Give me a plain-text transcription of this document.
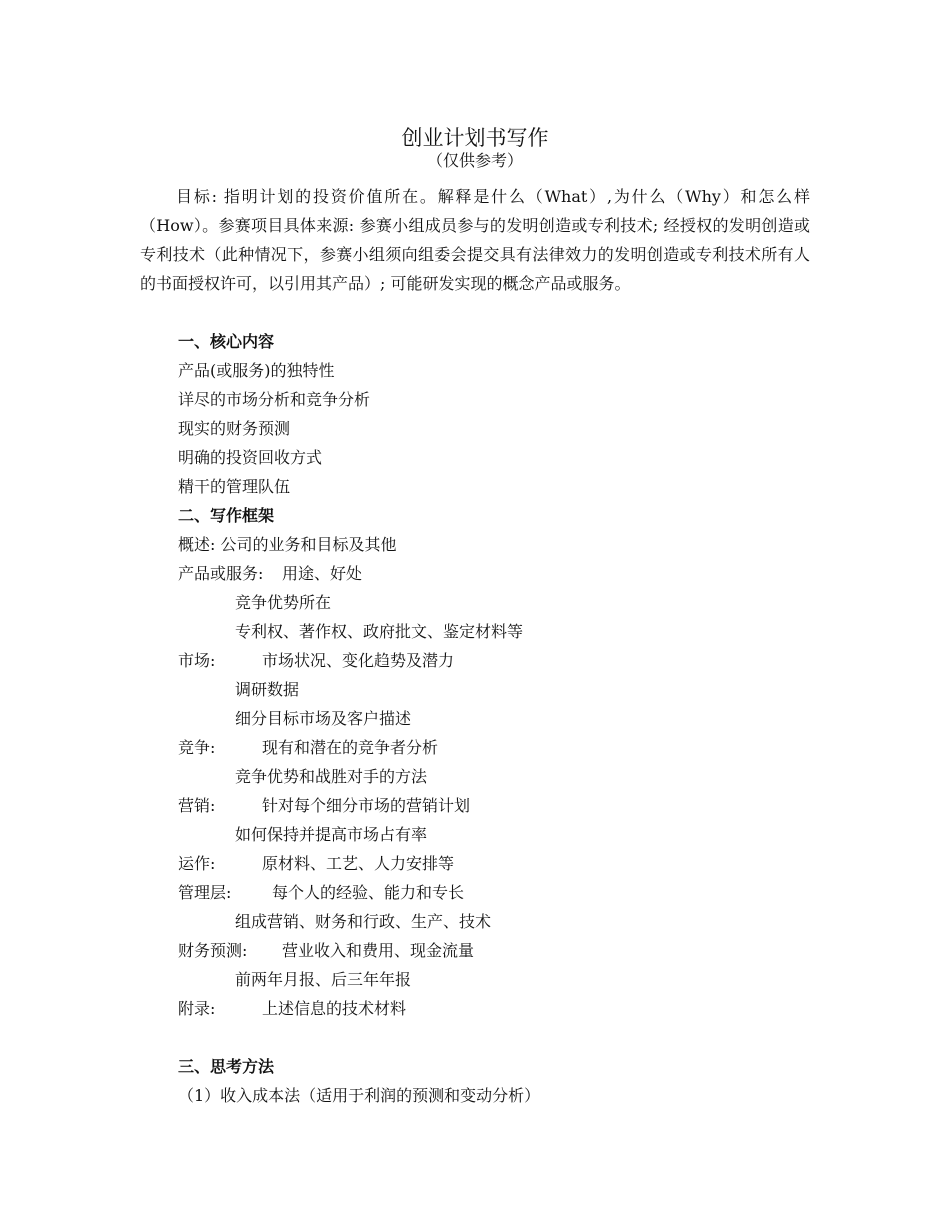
创业计划书写作
（仅供参考）
目标: 指明计划的投资价值所在。解释是什么（What）,为什么（Why）和怎么样（How）。参赛项目具体来源: 参赛小组成员参与的发明创造或专利技术; 经授权的发明创造或专利技术（此种情况下，参赛小组须向组委会提交具有法律效力的发明创造或专利技术所有人的书面授权许可，以引用其产品）; 可能研发实现的概念产品或服务。
一、核心内容
产品(或服务)的独特性
详尽的市场分析和竞争分析
现实的财务预测
明确的投资回收方式
精干的管理队伍
二、写作框架
概述: 公司的业务和目标及其他
产品或服务: 用途、好处
竞争优势所在
专利权、著作权、政府批文、鉴定材料等
市场:	市场状况、变化趋势及潜力
调研数据
细分目标市场及客户描述
竞争:	现有和潜在的竞争者分析
竞争优势和战胜对手的方法
营销:	针对每个细分市场的营销计划
如何保持并提高市场占有率
运作:	原材料、工艺、人力安排等
管理层:	每个人的经验、能力和专长
组成营销、财务和行政、生产、技术
财务预测: 营业收入和费用、现金流量
前两年月报、后三年年报
附录:	上述信息的技术材料
三、思考方法
（1）收入成本法（适用于利润的预测和变动分析）
